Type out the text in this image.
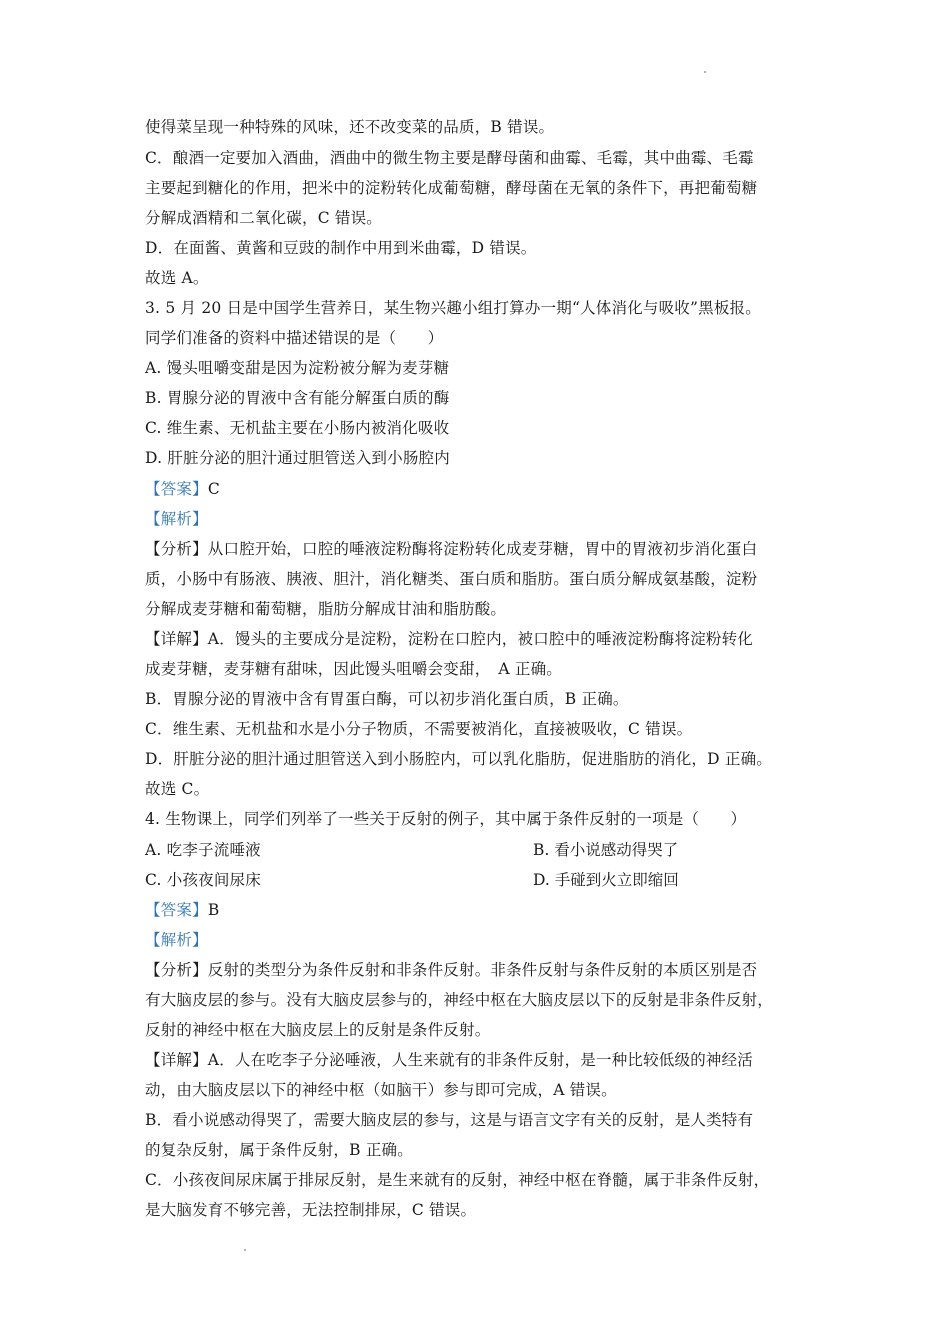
使得菜呈现一种特殊的风味，还不改变菜的品质，B 错误。
C．酿酒一定要加入酒曲，酒曲中的微生物主要是酵母菌和曲霉、毛霉，其中曲霉、毛霉
主要起到糖化的作用，把米中的淀粉转化成葡萄糖，酵母菌在无氧的条件下，再把葡萄糖
分解成酒精和二氧化碳，C 错误。
D．在面酱、黄酱和豆豉的制作中用到米曲霉，D 错误。
故选 A。
3. 5 月 20 日是中国学生营养日，某生物兴趣小组打算办一期“人体消化与吸收”黑板报。
同学们准备的资料中描述错误的是（　　）
A. 馒头咀嚼变甜是因为淀粉被分解为麦芽糖
B. 胃腺分泌的胃液中含有能分解蛋白质的酶
C. 维生素、无机盐主要在小肠内被消化吸收
D. 肝脏分泌的胆汁通过胆管送入到小肠腔内
【答案】C
【解析】
【分析】从口腔开始，口腔的唾液淀粉酶将淀粉转化成麦芽糖，胃中的胃液初步消化蛋白
质，小肠中有肠液、胰液、胆汁，消化糖类、蛋白质和脂肪。蛋白质分解成氨基酸，淀粉
分解成麦芽糖和葡萄糖，脂肪分解成甘油和脂肪酸。
【详解】A．馒头的主要成分是淀粉，淀粉在口腔内，被口腔中的唾液淀粉酶将淀粉转化
成麦芽糖，麦芽糖有甜味，因此馒头咀嚼会变甜，　A 正确。
B．胃腺分泌的胃液中含有胃蛋白酶，可以初步消化蛋白质，B 正确。
C．维生素、无机盐和水是小分子物质，不需要被消化，直接被吸收，C 错误。
D．肝脏分泌的胆汁通过胆管送入到小肠腔内，可以乳化脂肪，促进脂肪的消化，D 正确。
故选 C。
4. 生物课上，同学们列举了一些关于反射的例子，其中属于条件反射的一项是（　　）
A. 吃李子流唾液	B. 看小说感动得哭了
C. 小孩夜间尿床	D. 手碰到火立即缩回
【答案】B
【解析】
【分析】反射的类型分为条件反射和非条件反射。非条件反射与条件反射的本质区别是否
有大脑皮层的参与。没有大脑皮层参与的，神经中枢在大脑皮层以下的反射是非条件反射，
反射的神经中枢在大脑皮层上的反射是条件反射。
【详解】A．人在吃李子分泌唾液，人生来就有的非条件反射，是一种比较低级的神经活
动，由大脑皮层以下的神经中枢（如脑干）参与即可完成，A 错误。
B．看小说感动得哭了，需要大脑皮层的参与，这是与语言文字有关的反射，是人类特有
的复杂反射，属于条件反射，B 正确。
C．小孩夜间尿床属于排尿反射，是生来就有的反射，神经中枢在脊髓，属于非条件反射，
是大脑发育不够完善，无法控制排尿，C 错误。
